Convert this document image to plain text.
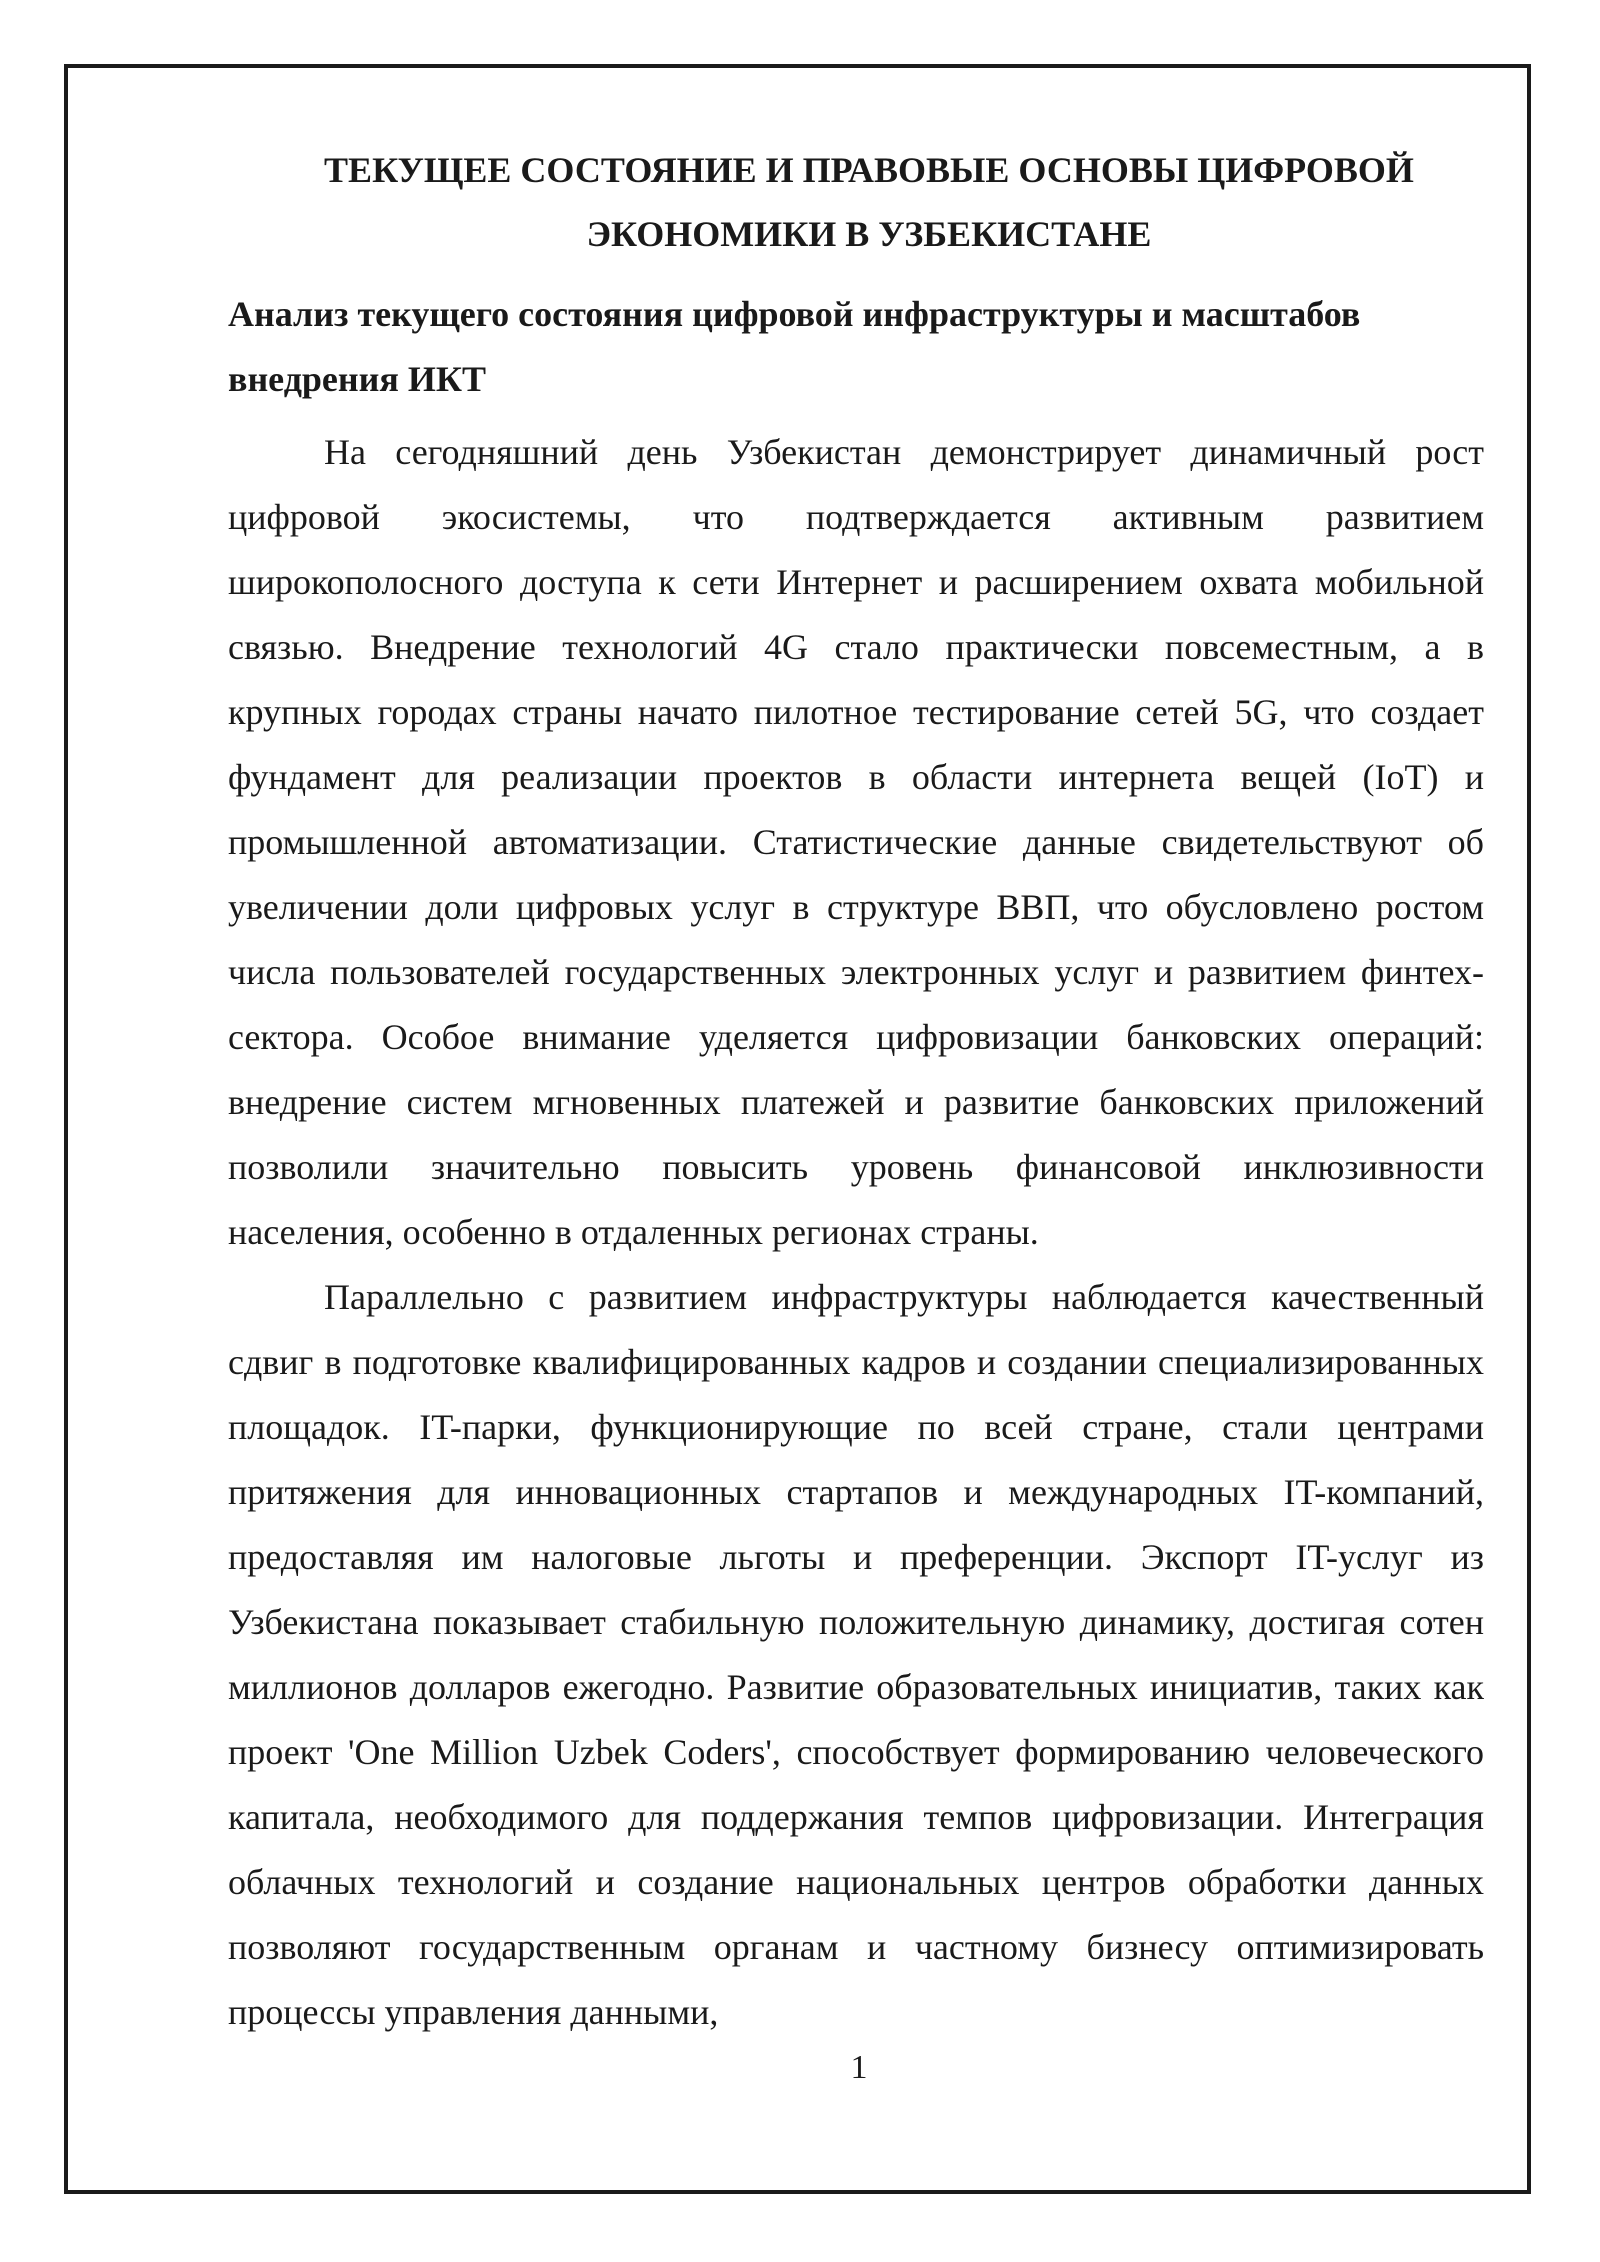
ТЕКУЩЕЕ СОСТОЯНИЕ И ПРАВОВЫЕ ОСНОВЫ ЦИФРОВОЙ
ЭКОНОМИКИ В УЗБЕКИСТАНЕ
Анализ текущего состояния цифровой инфраструктуры и масштабов внедрения ИКТ

На сегодняшний день Узбекистан демонстрирует динамичный рост цифровой экосистемы, что подтверждается активным развитием широкополосного доступа к сети Интернет и расширением охвата мобильной связью. Внедрение технологий 4G стало практически повсеместным, а в крупных городах страны начато пилотное тестирование сетей 5G, что создает фундамент для реализации проектов в области интернета вещей (IoT) и промышленной автоматизации. Статистические данные свидетельствуют об увеличении доли цифровых услуг в структуре ВВП, что обусловлено ростом числа пользователей государственных электронных услуг и развитием финтех-сектора. Особое внимание уделяется цифровизации банковских операций: внедрение систем мгновенных платежей и развитие банковских приложений позволили значительно повысить уровень финансовой инклюзивности населения, особенно в отдаленных регионах страны.

Параллельно с развитием инфраструктуры наблюдается качественный сдвиг в подготовке квалифицированных кадров и создании специализированных площадок. IT-парки, функционирующие по всей стране, стали центрами притяжения для инновационных стартапов и международных IT-компаний, предоставляя им налоговые льготы и преференции. Экспорт IT-услуг из Узбекистана показывает стабильную положительную динамику, достигая сотен миллионов долларов ежегодно. Развитие образовательных инициатив, таких как проект 'One Million Uzbek Coders', способствует формированию человеческого капитала, необходимого для поддержания темпов цифровизации. Интеграция облачных технологий и создание национальных центров обработки данных позволяют государственным органам и частному бизнесу оптимизировать процессы управления данными,

1
